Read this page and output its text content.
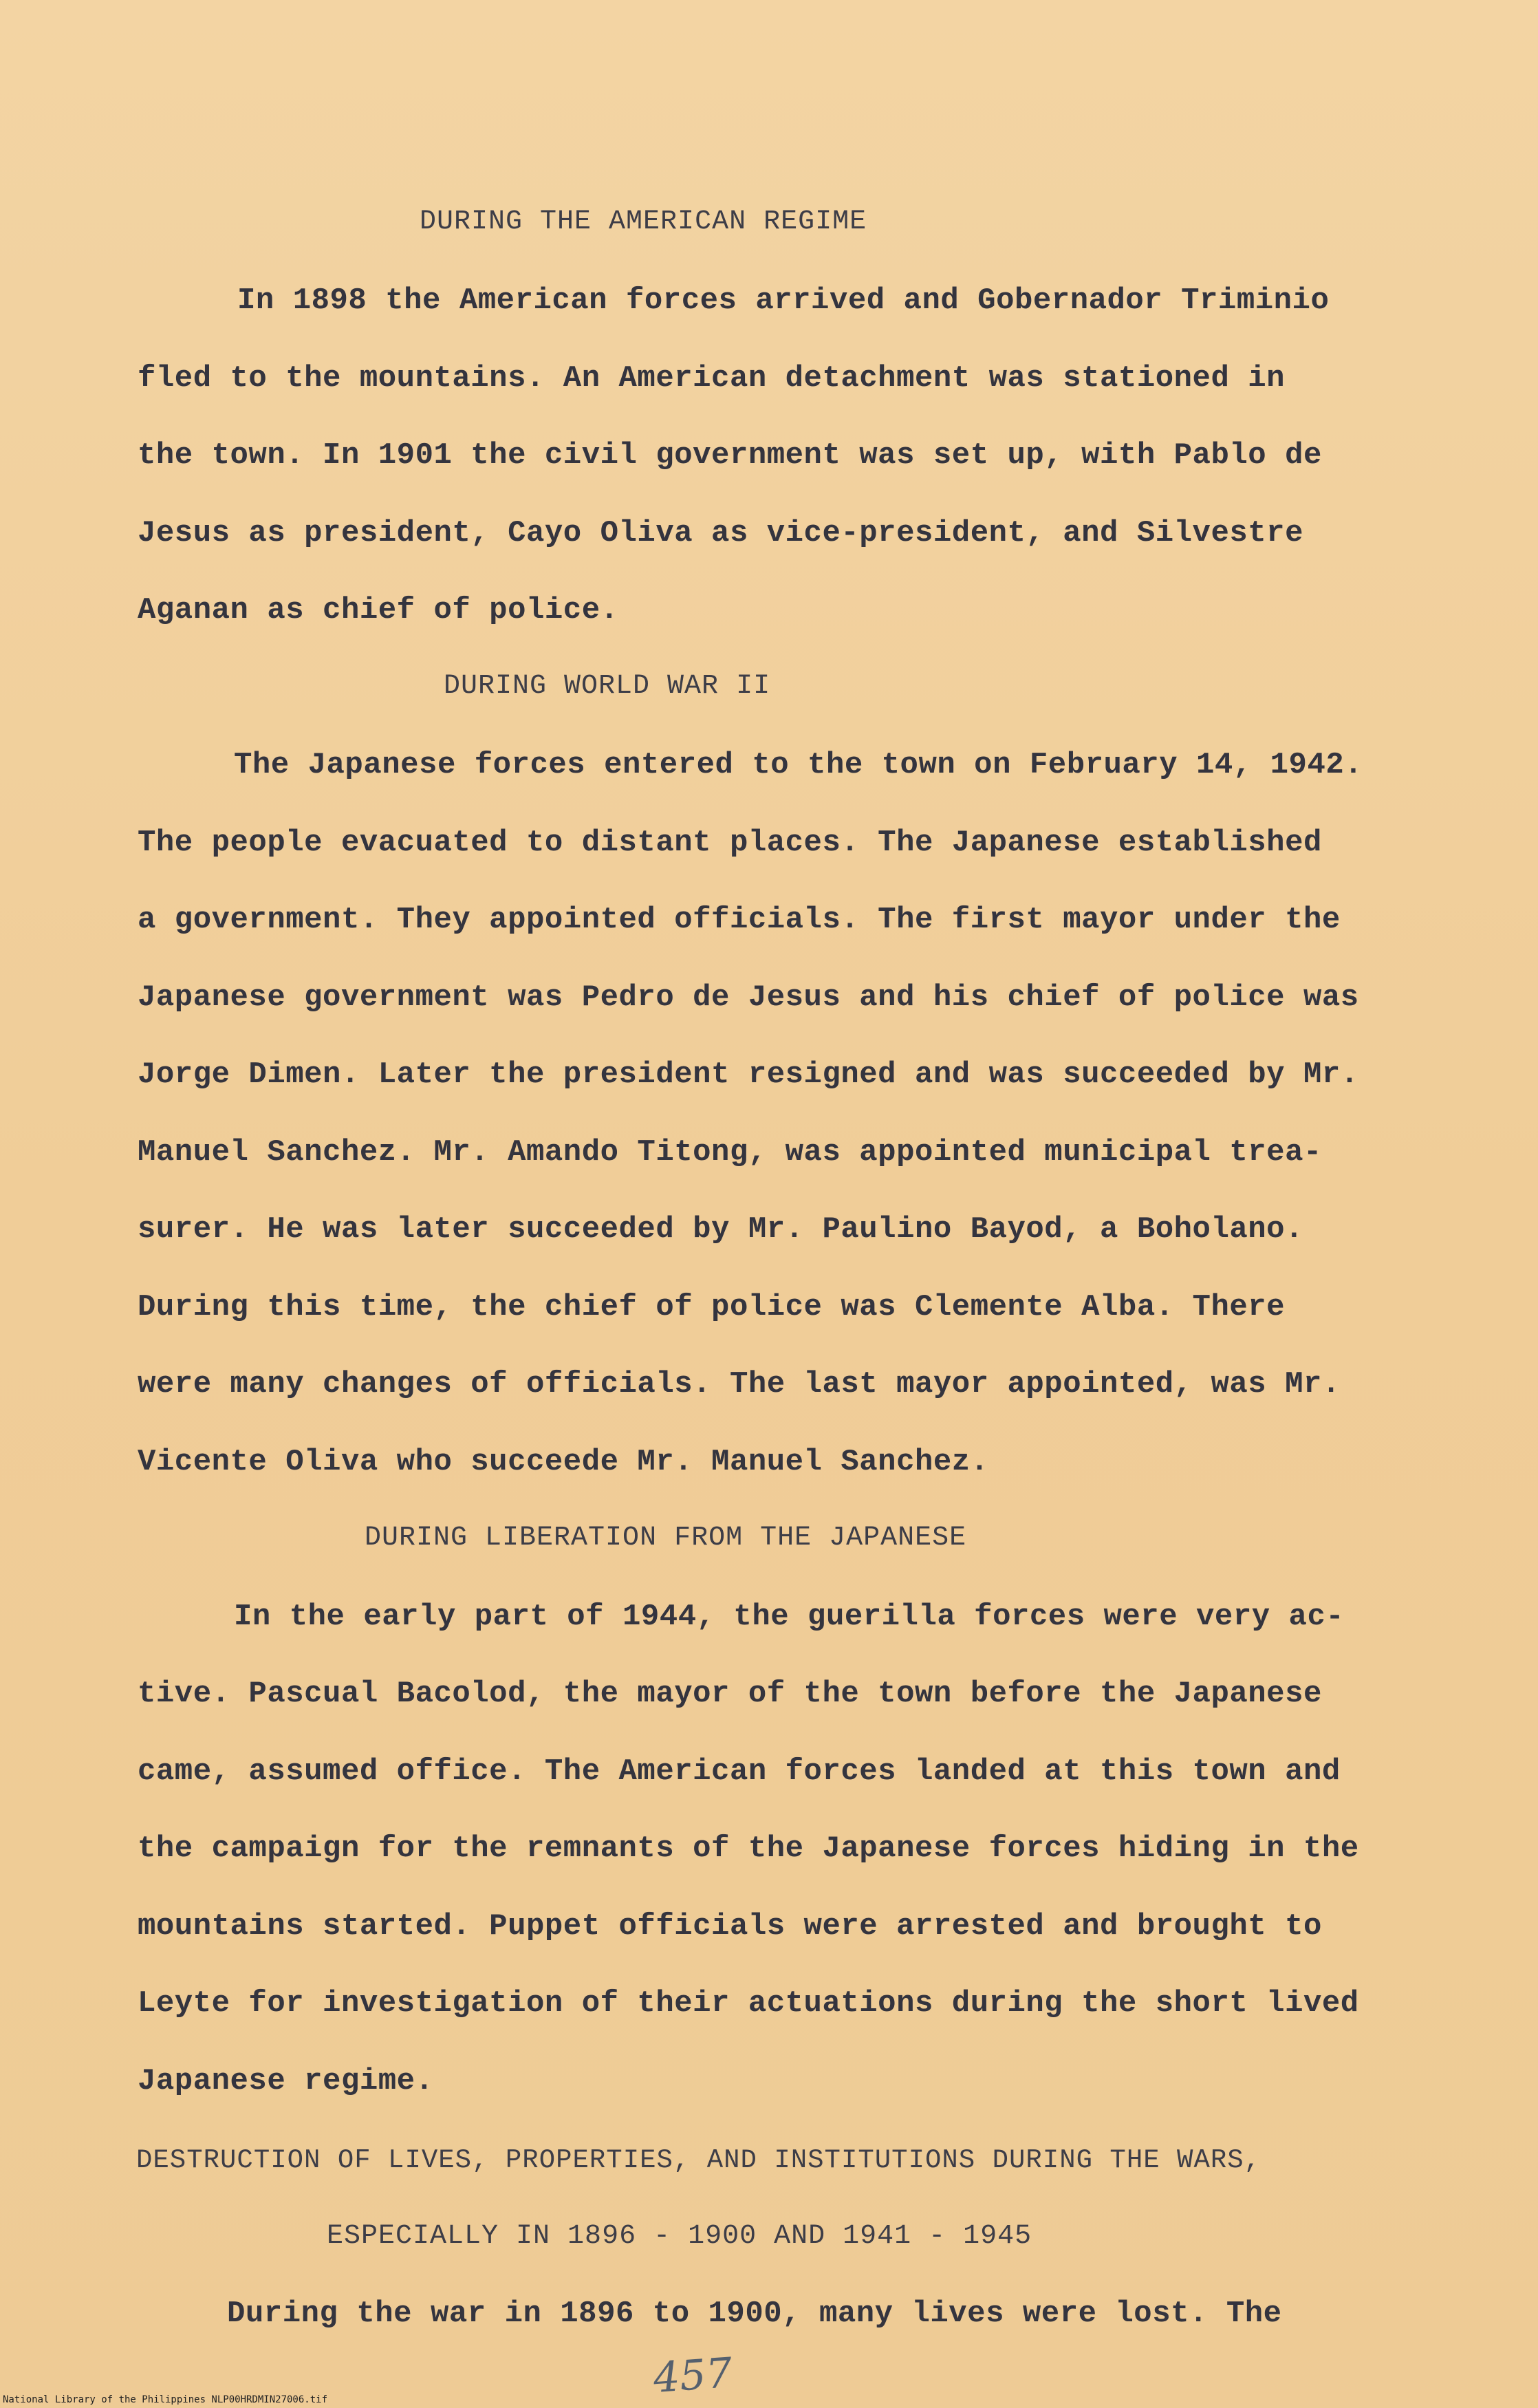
DURING THE AMERICAN REGIME
In 1898 the American forces arrived and Gobernador Triminio
fled to the mountains. An American detachment was stationed in
the town. In 1901 the civil government was set up, with Pablo de
Jesus as president, Cayo Oliva as vice-president, and Silvestre
Aganan as chief of police.
DURING WORLD WAR II
The Japanese forces entered to the town on February 14, 1942.
The people evacuated to distant places. The Japanese established
a government. They appointed officials. The first mayor under the
Japanese government was Pedro de Jesus and his chief of police was
Jorge Dimen. Later the president resigned and was succeeded by Mr.
Manuel Sanchez. Mr. Amando Titong, was appointed municipal trea-
surer. He was later succeeded by Mr. Paulino Bayod, a Boholano.
During this time, the chief of police was Clemente Alba. There
were many changes of officials. The last mayor appointed, was Mr.
Vicente Oliva who succeede Mr. Manuel Sanchez.
DURING LIBERATION FROM THE JAPANESE
In the early part of 1944, the guerilla forces were very ac-
tive. Pascual Bacolod, the mayor of the town before the Japanese
came, assumed office. The American forces landed at this town and
the campaign for the remnants of the Japanese forces hiding in the
mountains started. Puppet officials were arrested and brought to
Leyte for investigation of their actuations during the short lived
Japanese regime.
DESTRUCTION OF LIVES, PROPERTIES, AND INSTITUTIONS DURING THE WARS,
ESPECIALLY IN 1896 - 1900 AND 1941 - 1945
During the war in 1896 to 1900, many lives were lost. The
457
National Library of the Philippines NLP00HRDMIN27006.tif
